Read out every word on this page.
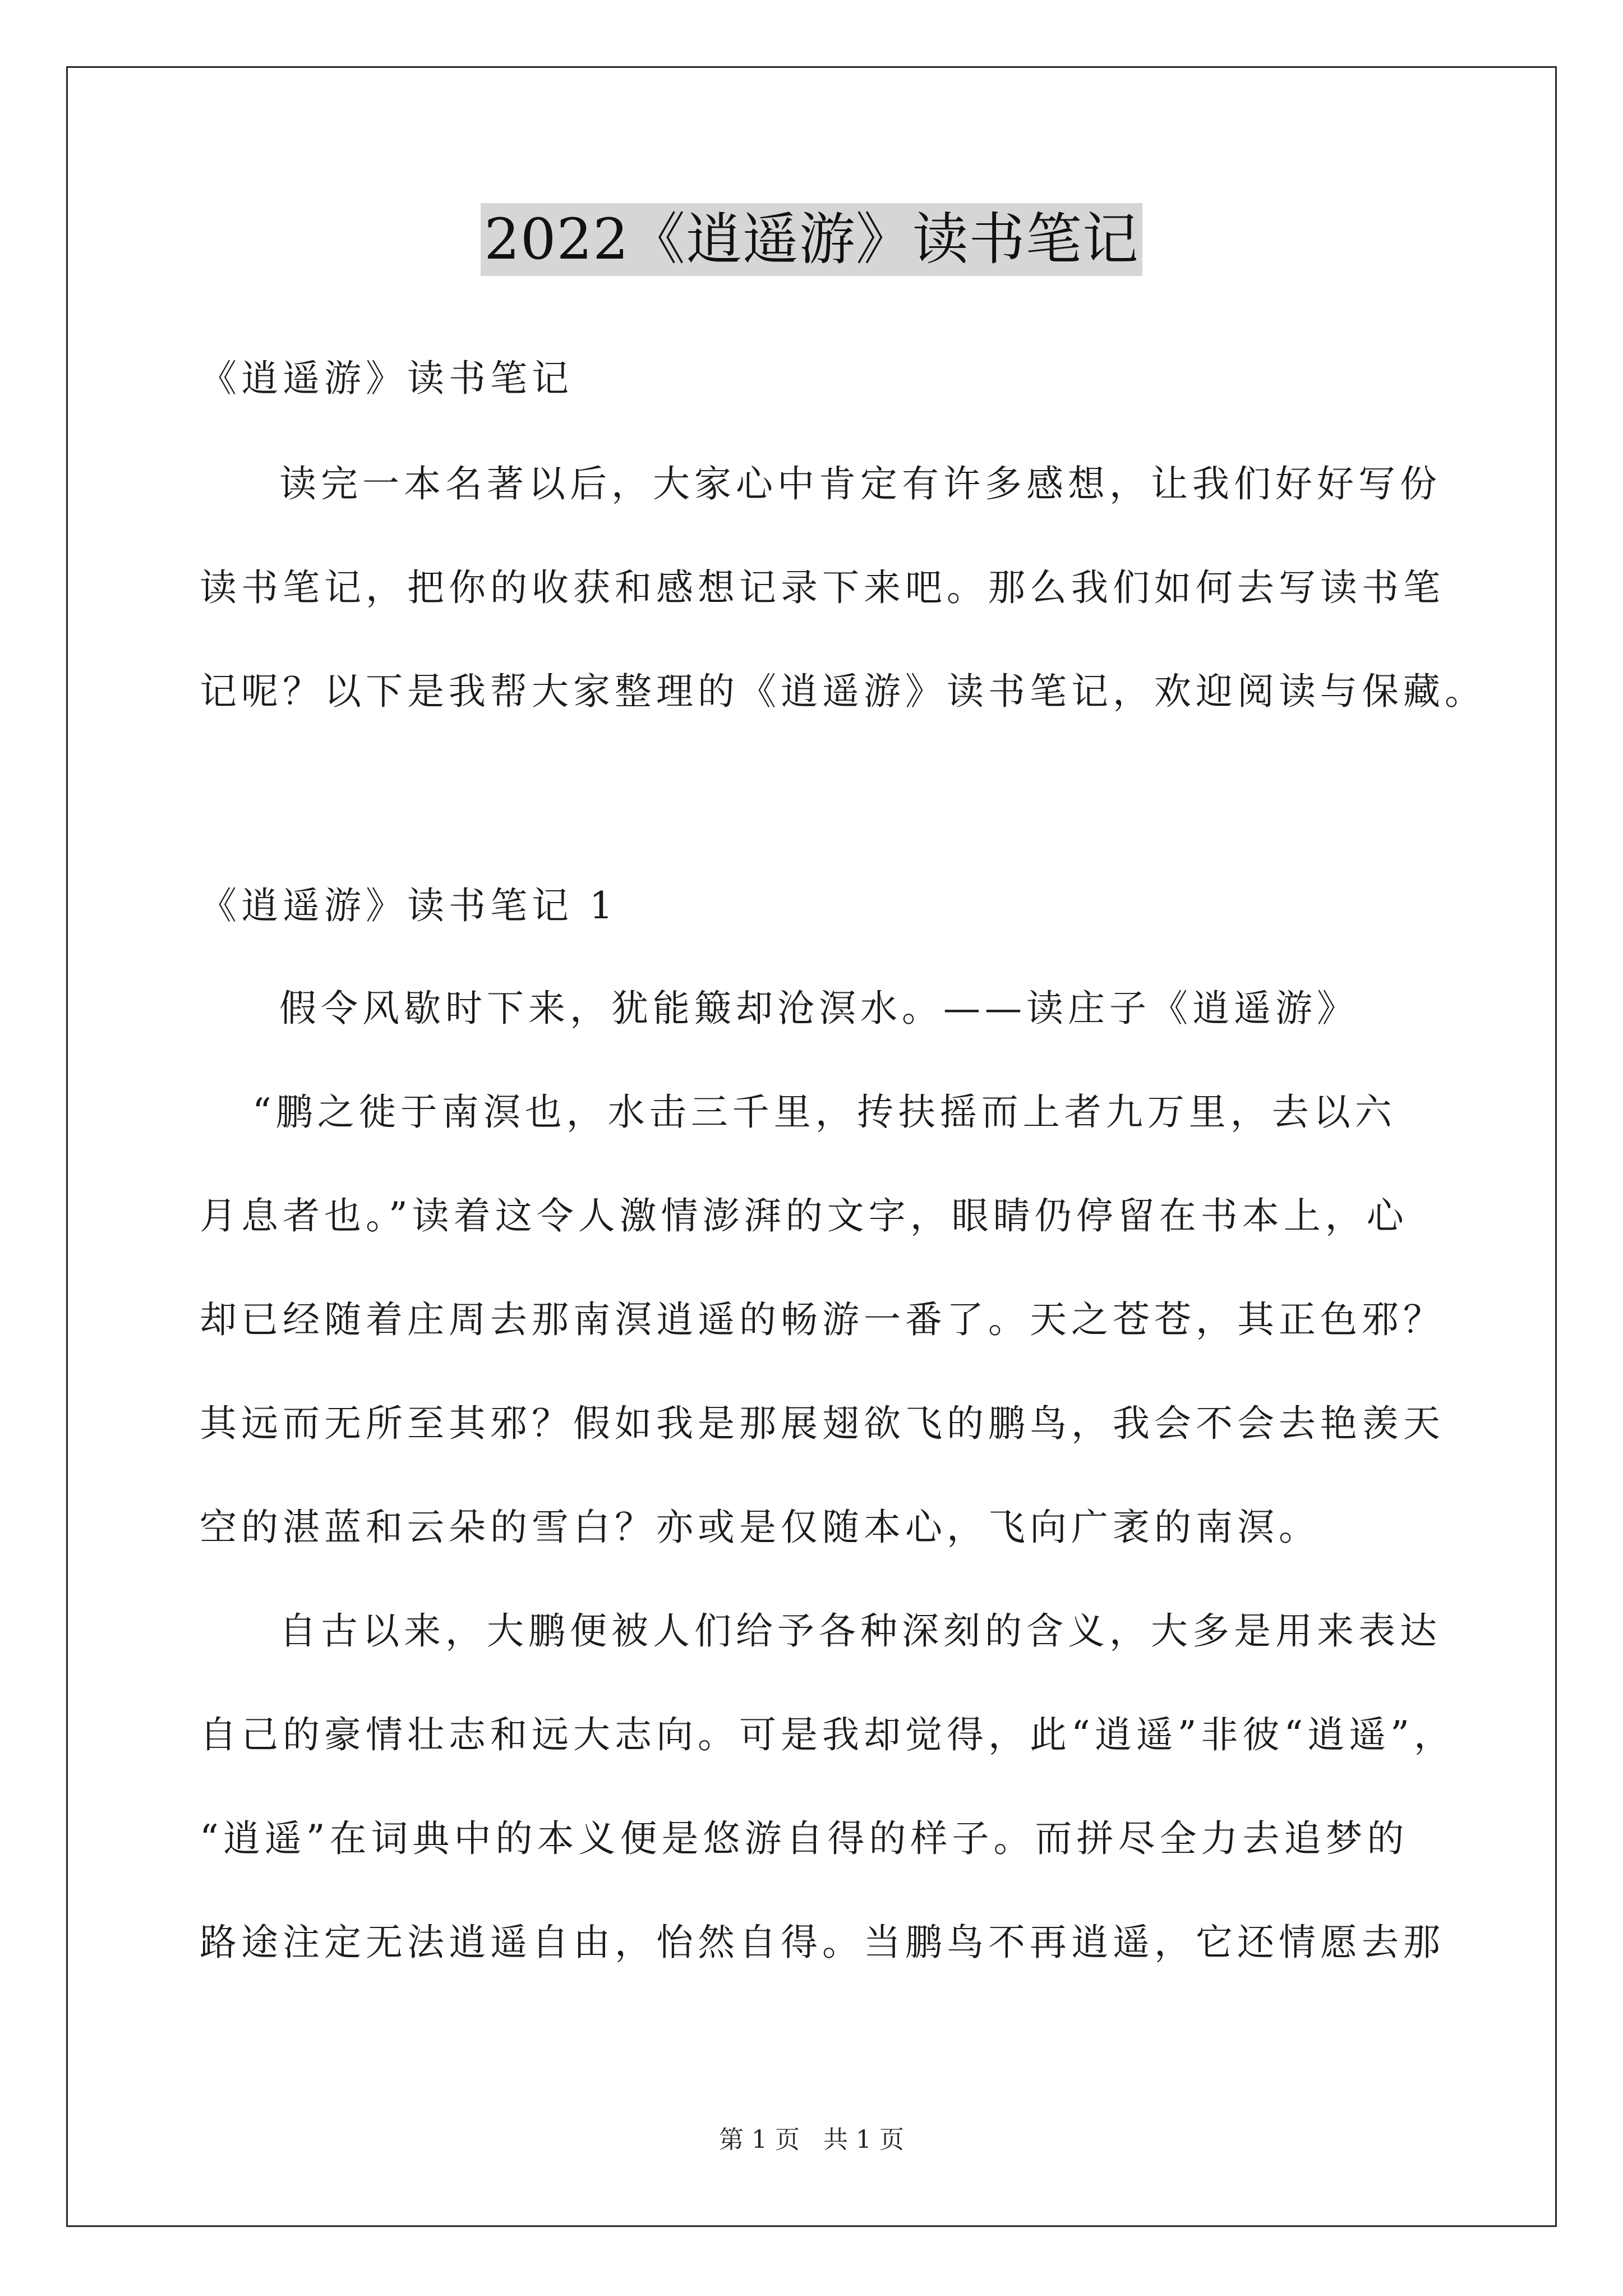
2022《逍遥游》读书笔记
《逍遥游》读书笔记
读完一本名著以后，大家心中肯定有许多感想，让我们好好写份
读书笔记，把你的收获和感想记录下来吧。那么我们如何去写读书笔
记呢？以下是我帮大家整理的《逍遥游》读书笔记，欢迎阅读与保藏。
《逍遥游》读书笔记 1
假令风歇时下来，犹能簸却沧溟水。——读庄子《逍遥游》
“鹏之徙于南溟也，水击三千里，抟扶摇而上者九万里，去以六
月息者也。”读着这令人激情澎湃的文字，眼睛仍停留在书本上，心
却已经随着庄周去那南溟逍遥的畅游一番了。天之苍苍，其正色邪？
其远而无所至其邪？假如我是那展翅欲飞的鹏鸟，我会不会去艳羡天
空的湛蓝和云朵的雪白？亦或是仅随本心，飞向广袤的南溟。
自古以来，大鹏便被人们给予各种深刻的含义，大多是用来表达
自己的豪情壮志和远大志向。可是我却觉得，此“逍遥”非彼“逍遥”，
“逍遥”在词典中的本义便是悠游自得的样子。而拼尽全力去追梦的
路途注定无法逍遥自由，怡然自得。当鹏鸟不再逍遥，它还情愿去那
第 1 页 共 1 页
